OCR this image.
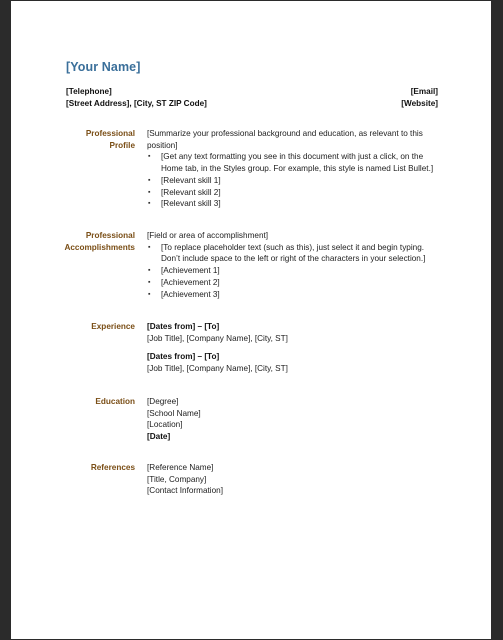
[Your Name]
[Telephone]	[Email]
[Street Address], [City, ST ZIP Code]	[Website]
Professional
Profile

[Summarize your professional background and education, as relevant to this position]

▪ [Get any text formatting you see in this document with just a click, on the Home tab, in the Styles group. For example, this style is named List Bullet.]
▪ [Relevant skill 1]
▪ [Relevant skill 2]
▪ [Relevant skill 3]
Professional
Accomplishments

[Field or area of accomplishment]

▪ [To replace placeholder text (such as this), just select it and begin typing. Don’t include space to the left or right of the characters in your selection.]
▪ [Achievement 1]
▪ [Achievement 2]
▪ [Achievement 3]
Experience [Dates from] – [To]

[Job Title], [Company Name], [City, ST]

[Dates from] – [To]

[Job Title], [Company Name], [City, ST]

Education [Degree]

[School Name]

[Location]

[Date]

References [Reference Name]

[Title, Company]

[Contact Information]
